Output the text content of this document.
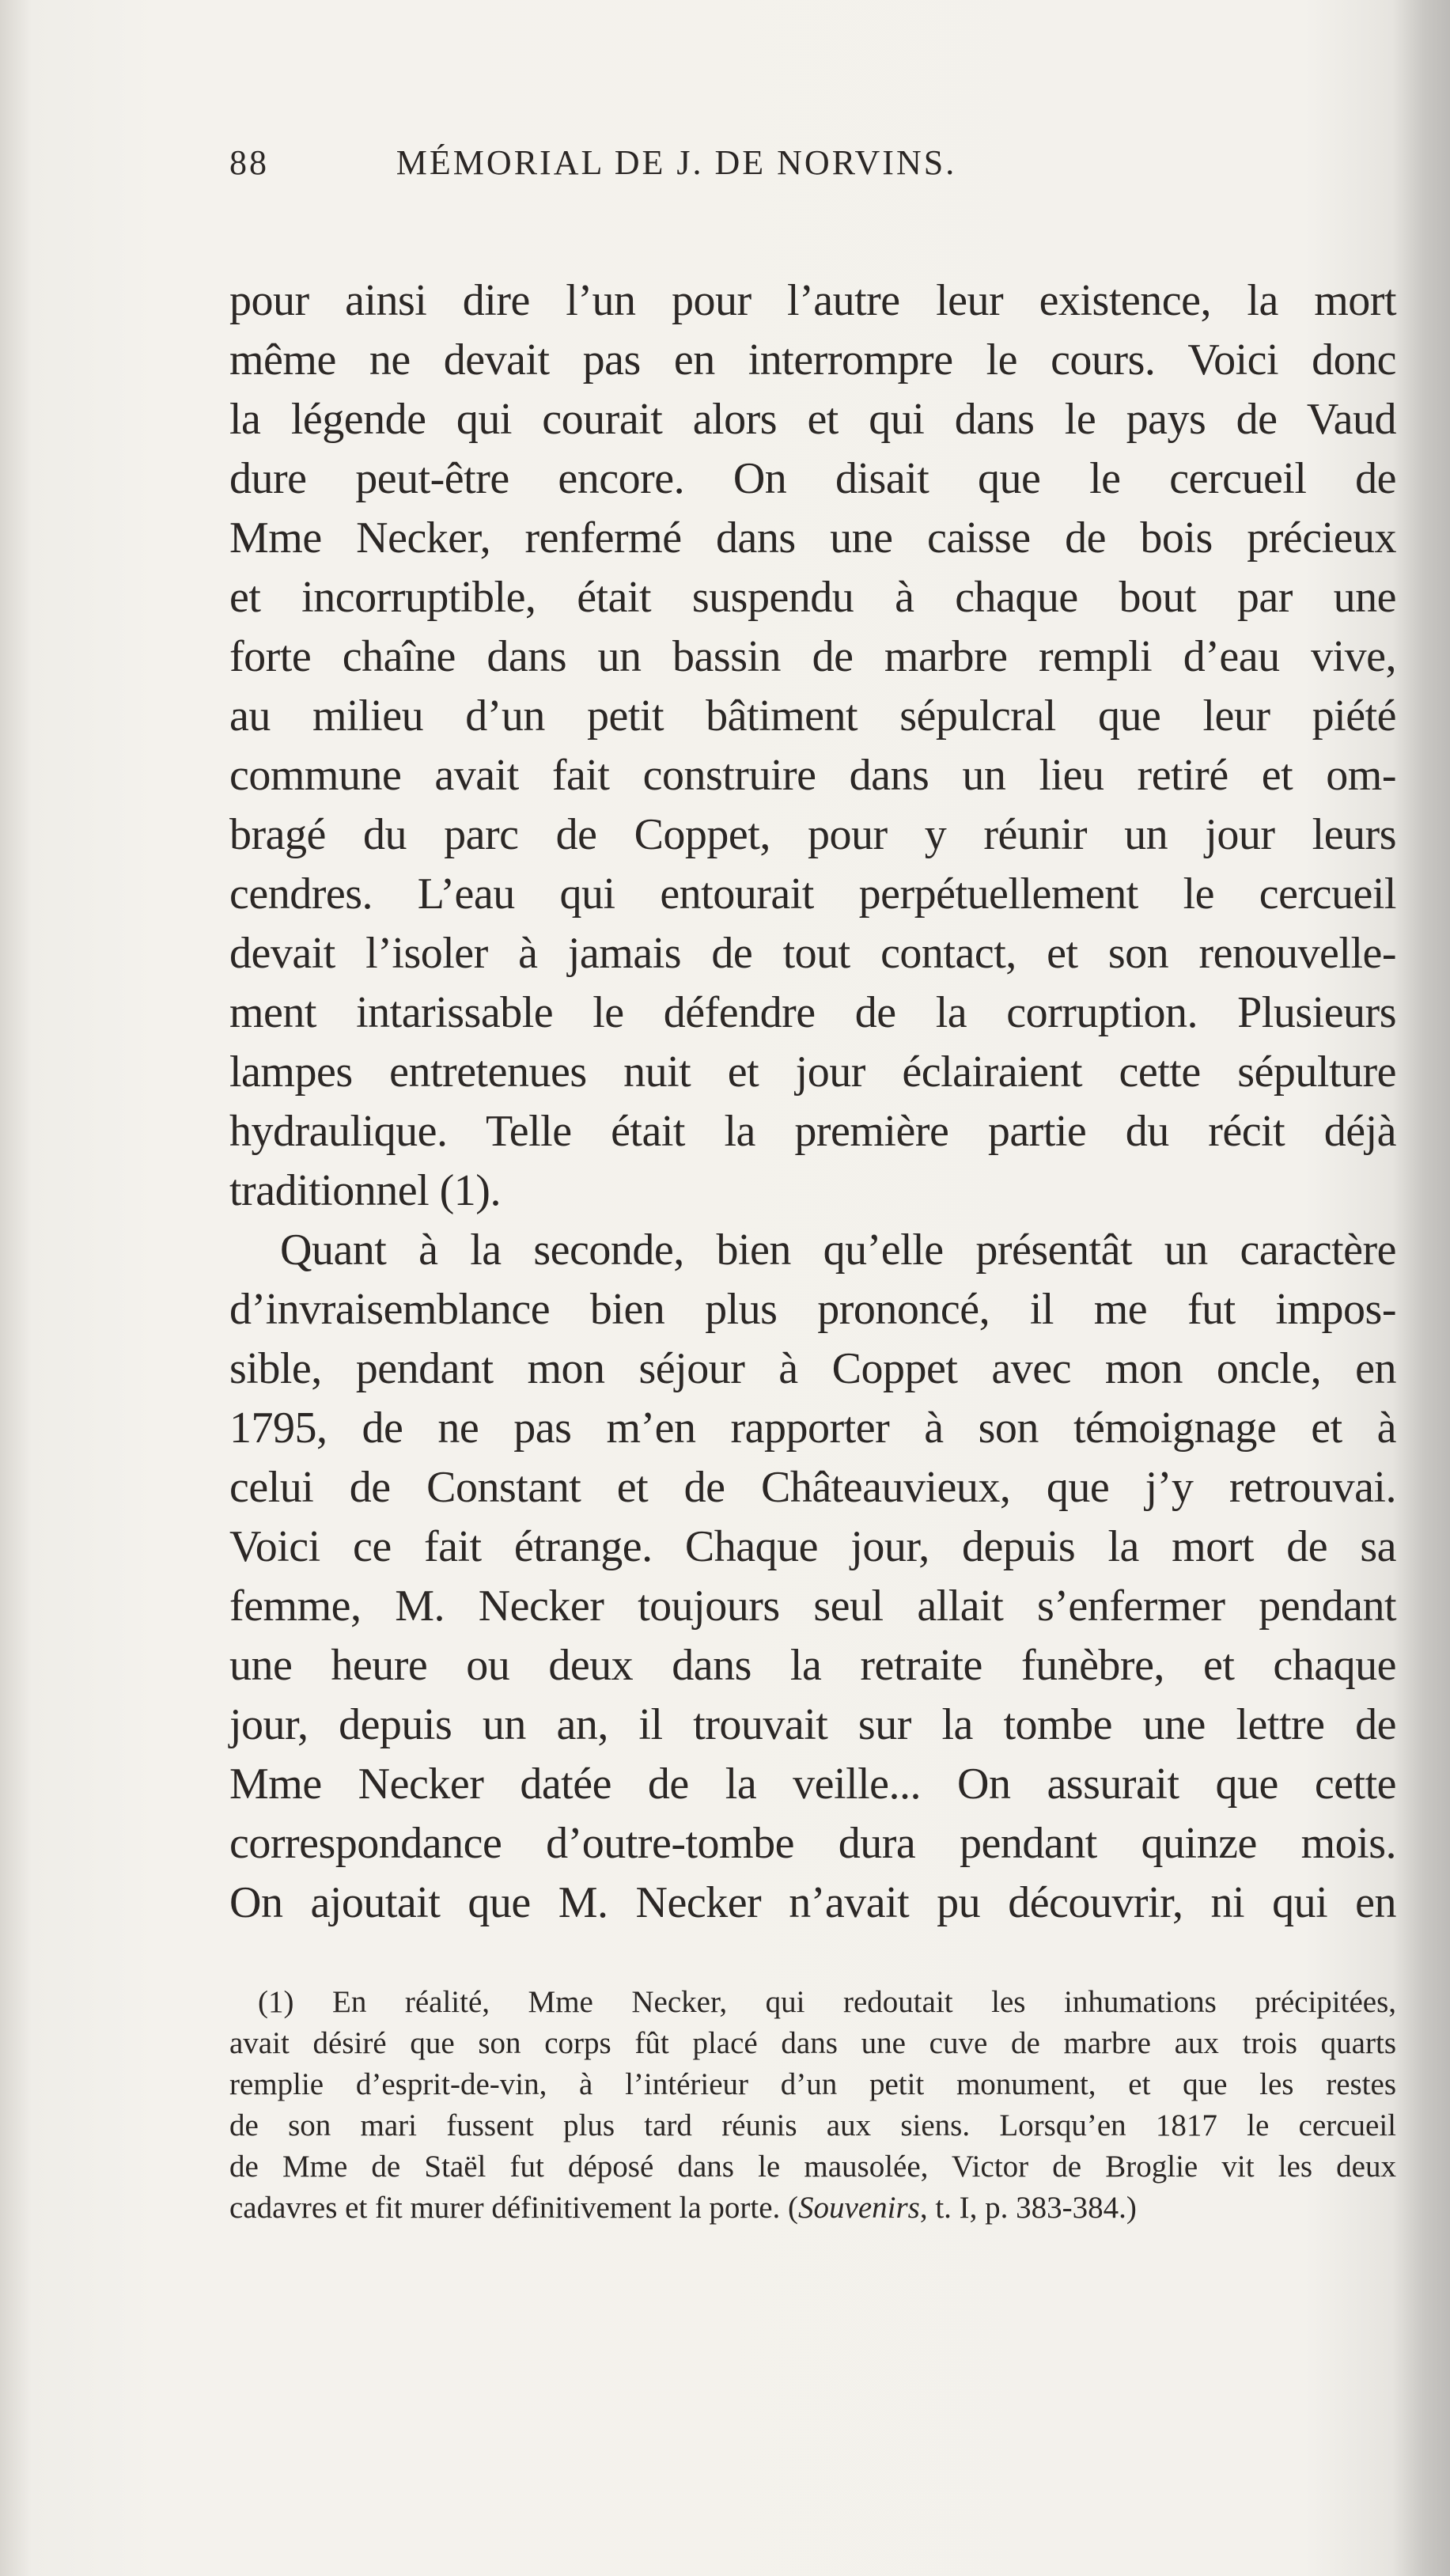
88	MÉMORIAL DE J. DE NORVINS.
pour ainsi dire l’un pour l’autre leur existence, la mort
même ne devait pas en interrompre le cours. Voici donc
la légende qui courait alors et qui dans le pays de Vaud
dure peut-être encore. On disait que le cercueil de
Mme Necker, renfermé dans une caisse de bois précieux
et incorruptible, était suspendu à chaque bout par une
forte chaîne dans un bassin de marbre rempli d’eau vive,
au milieu d’un petit bâtiment sépulcral que leur piété
commune avait fait construire dans un lieu retiré et om-
bragé du parc de Coppet, pour y réunir un jour leurs
cendres. L’eau qui entourait perpétuellement le cercueil
devait l’isoler à jamais de tout contact, et son renouvelle-
ment intarissable le défendre de la corruption. Plusieurs
lampes entretenues nuit et jour éclairaient cette sépulture
hydraulique. Telle était la première partie du récit déjà
traditionnel (1).
Quant à la seconde, bien qu’elle présentât un caractère
d’invraisemblance bien plus prononcé, il me fut impos-
sible, pendant mon séjour à Coppet avec mon oncle, en
1795, de ne pas m’en rapporter à son témoignage et à
celui de Constant et de Châteauvieux, que j’y retrouvai.
Voici ce fait étrange. Chaque jour, depuis la mort de sa
femme, M. Necker toujours seul allait s’enfermer pendant
une heure ou deux dans la retraite funèbre, et chaque
jour, depuis un an, il trouvait sur la tombe une lettre de
Mme Necker datée de la veille... On assurait que cette
correspondance d’outre-tombe dura pendant quinze mois.
On ajoutait que M. Necker n’avait pu découvrir, ni qui en
(1) En réalité, Mme Necker, qui redoutait les inhumations précipitées,
avait désiré que son corps fût placé dans une cuve de marbre aux trois quarts
remplie d’esprit-de-vin, à l’intérieur d’un petit monument, et que les restes
de son mari fussent plus tard réunis aux siens. Lorsqu’en 1817 le cercueil
de Mme de Staël fut déposé dans le mausolée, Victor de Broglie vit les deux
cadavres et fit murer définitivement la porte. (Souvenirs, t. I, p. 383-384.)
